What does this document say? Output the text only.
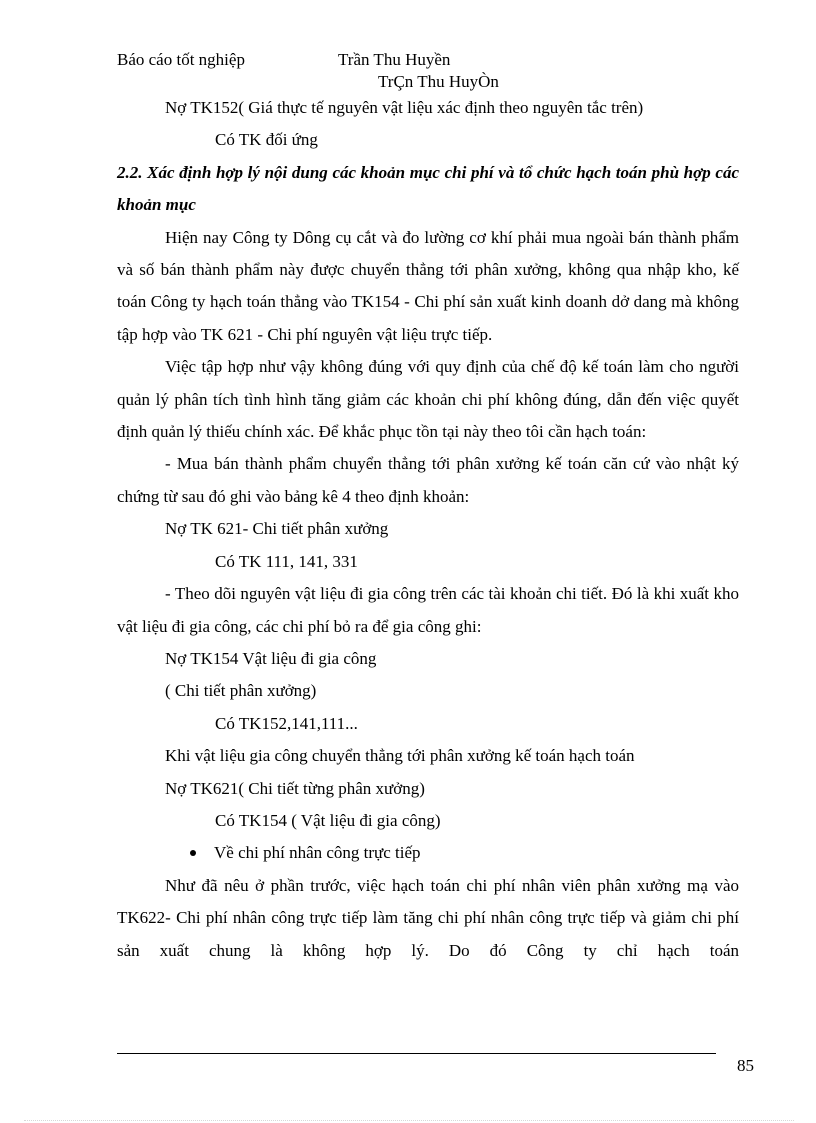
Báo cáo tốt nghiệp	Trần Thu Huyền
TrÇn Thu HuyÒn

Nợ TK152( Giá thực tế nguyên vật liệu xác định theo nguyên tắc trên)

Có TK đối ứng

2.2. Xác định hợp lý nội dung các khoản mục chi phí và tổ chức hạch toán phù hợp các khoản mục

Hiện nay Công ty Dông cụ cắt và đo lường cơ khí phải mua ngoài bán thành phẩm và số bán thành phẩm này được chuyển thẳng tới phân xưởng, không qua nhập kho, kế toán Công ty hạch toán thẳng vào TK154 - Chi phí sản xuất kinh doanh dở dang mà không tập hợp vào TK 621 - Chi phí nguyên vật liệu trực tiếp.

Việc tập hợp như vậy không đúng với quy định của chế độ kế toán làm cho người quản lý phân tích tình hình tăng giảm các khoản chi phí không đúng, dẫn đến việc quyết định quản lý thiếu chính xác. Để khắc phục tồn tại này theo tôi cần hạch toán:

- Mua bán thành phẩm chuyển thẳng tới phân xưởng kế toán căn cứ vào nhật ký chứng từ sau đó ghi vào bảng kê 4 theo định khoản:

Nợ TK 621- Chi tiết phân xưởng

Có TK 111, 141, 331

- Theo dõi nguyên vật liệu đi gia công trên các tài khoản chi tiết. Đó là khi xuất kho vật liệu đi gia công, các chi phí bỏ ra để gia công ghi:

Nợ TK154 Vật liệu đi gia công

( Chi tiết phân xưởng)

Có TK152,141,111...

Khi vật liệu gia công chuyển thẳng tới phân xưởng kế toán hạch toán

Nợ TK621( Chi tiết từng phân xưởng)

Có TK154 ( Vật liệu đi gia công)

Về chi phí nhân công trực tiếp

Như đã nêu ở phần trước, việc hạch toán chi phí nhân viên phân xưởng mạ vào TK622- Chi phí nhân công trực tiếp làm tăng chi phí nhân công trực tiếp và giảm chi phí sản xuất chung là không hợp lý. Do đó Công ty chỉ hạch toán

85
